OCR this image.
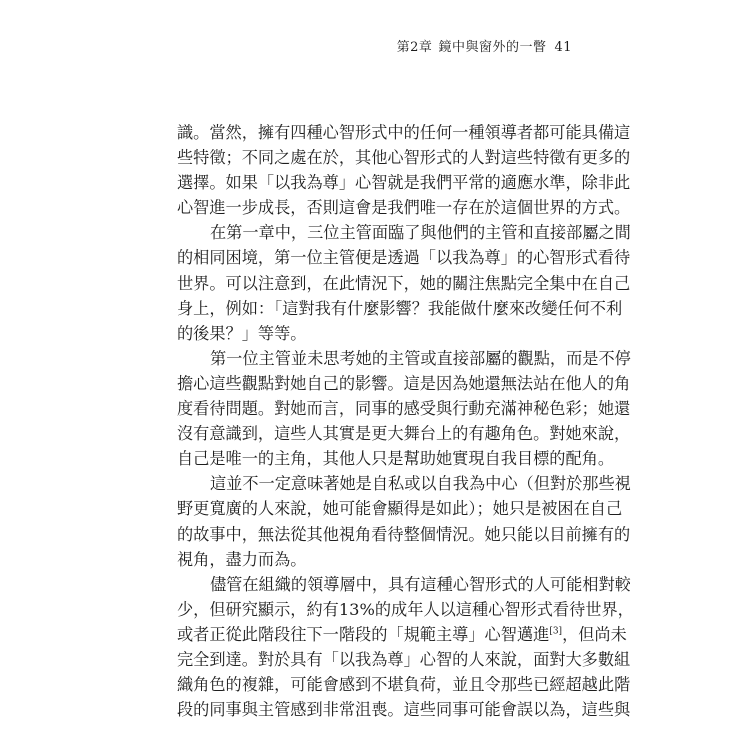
第2章 鏡中與窗外的一瞥 41
識。當然，擁有四種心智形式中的任何一種領導者都可能具備這
些特徵；不同之處在於，其他心智形式的人對這些特徵有更多的
選擇。如果「以我為尊」心智就是我們平常的適應水準，除非此
心智進一步成長，否則這會是我們唯一存在於這個世界的方式。
在第一章中，三位主管面臨了與他們的主管和直接部屬之間
的相同困境，第一位主管便是透過「以我為尊」的心智形式看待
世界。可以注意到，在此情況下，她的關注焦點完全集中在自己
身上，例如：「這對我有什麼影響？我能做什麼來改變任何不利
的後果？」等等。
第一位主管並未思考她的主管或直接部屬的觀點，而是不停
擔心這些觀點對她自己的影響。這是因為她還無法站在他人的角
度看待問題。對她而言，同事的感受與行動充滿神秘色彩；她還
沒有意識到，這些人其實是更大舞台上的有趣角色。對她來說，
自己是唯一的主角，其他人只是幫助她實現自我目標的配角。
這並不一定意味著她是自私或以自我為中心（但對於那些視
野更寬廣的人來說，她可能會顯得是如此）；她只是被困在自己
的故事中，無法從其他視角看待整個情況。她只能以目前擁有的
視角，盡力而為。
儘管在組織的領導層中，具有這種心智形式的人可能相對較
少，但研究顯示，約有13%的成年人以這種心智形式看待世界，
或者正從此階段往下一階段的「規範主導」心智邁進[3]，但尚未
完全到達。對於具有「以我為尊」心智的人來說，面對大多數組
織角色的複雜，可能會感到不堪負荷，並且令那些已經超越此階
段的同事與主管感到非常沮喪。這些同事可能會誤以為，這些與
